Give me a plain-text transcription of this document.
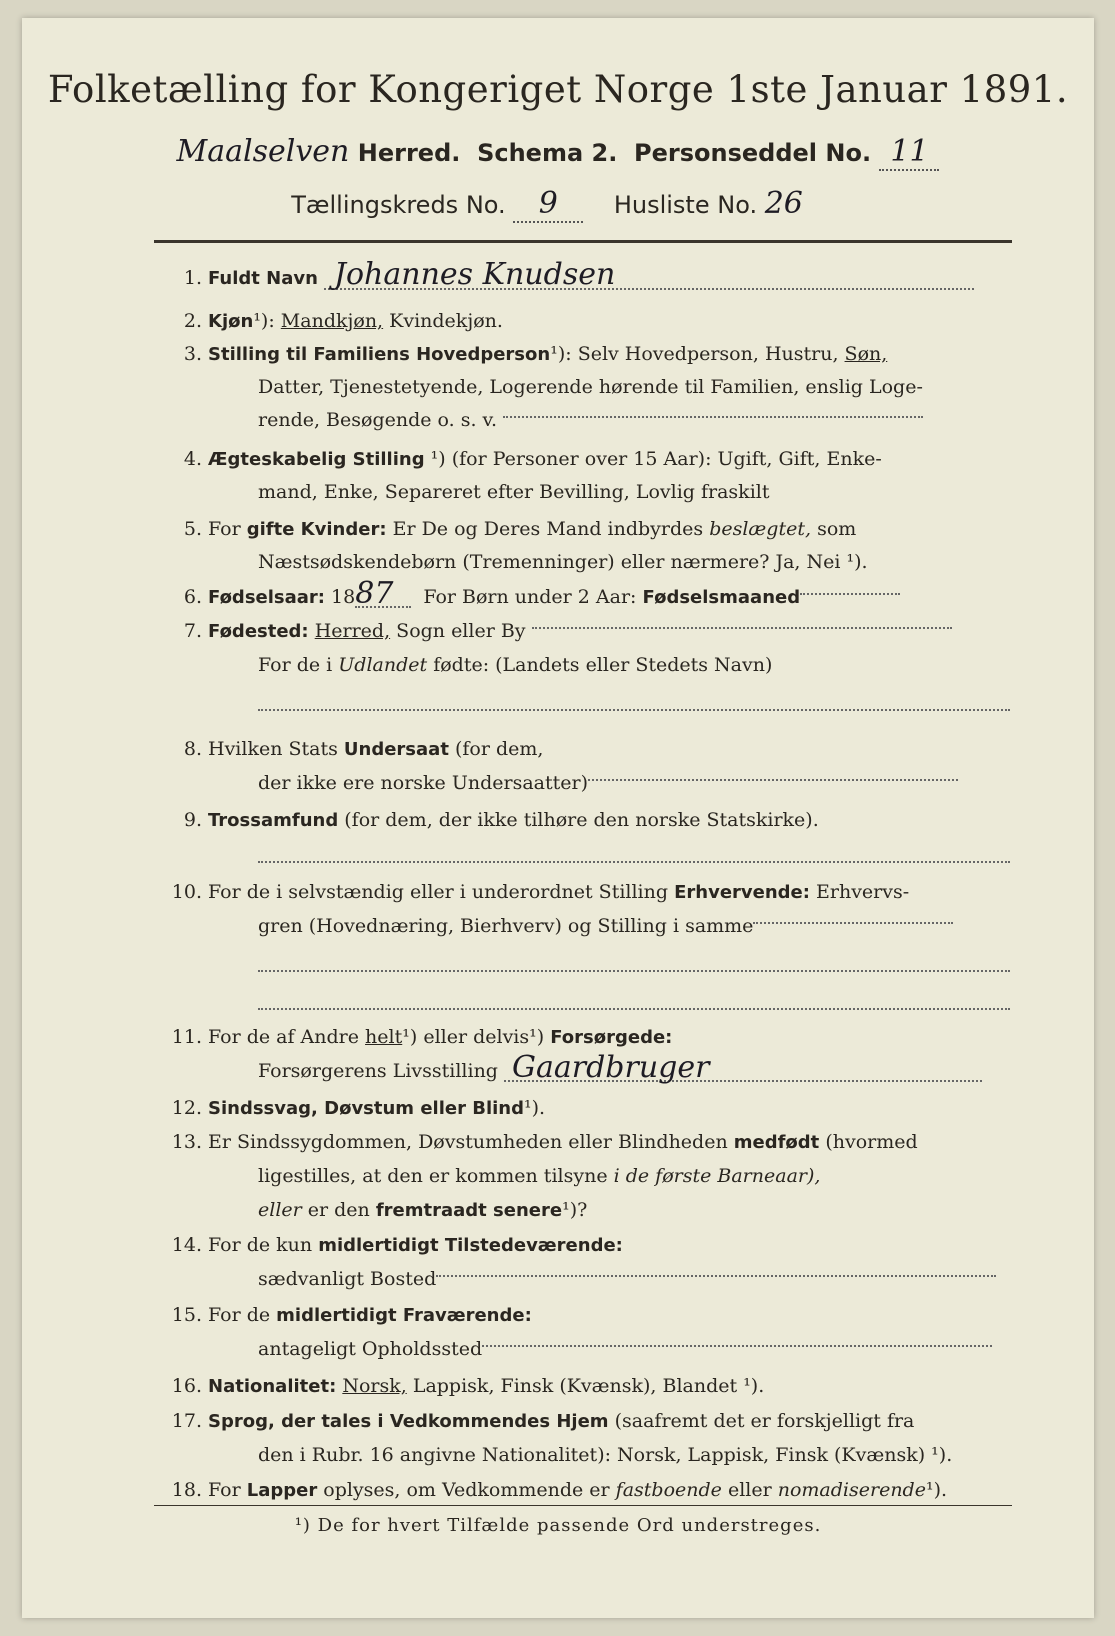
Folketælling for Kongeriget Norge 1ste Januar 1891.
Maalselven Herred. Schema 2. Personseddel No. 11
Tællingskreds No. 9 Husliste No. 26
1. Fuldt Navn Johannes Knudsen
2. Kjøn¹): Mandkjøn, Kvindekjøn.
3. Stilling til Familiens Hovedperson¹): Selv Hovedperson, Hustru, Søn,
Datter, Tjenestetyende, Logerende hørende til Familien, enslig Loge-
rende, Besøgende o. s. v.
4. Ægteskabelig Stilling ¹) (for Personer over 15 Aar): Ugift, Gift, Enke-
mand, Enke, Separeret efter Bevilling, Lovlig fraskilt
5. For gifte Kvinder: Er De og Deres Mand indbyrdes beslægtet, som
Næstsødskendebørn (Tremenninger) eller nærmere? Ja, Nei ¹).
6. Fødselsaar: 1887 For Børn under 2 Aar: Fødselsmaaned
7. Fødested: Herred, Sogn eller By
For de i Udlandet fødte: (Landets eller Stedets Navn)
8. Hvilken Stats Undersaat (for dem,
der ikke ere norske Undersaatter)
9. Trossamfund (for dem, der ikke tilhøre den norske Statskirke).
10. For de i selvstændig eller i underordnet Stilling Erhvervende: Erhvervs-
gren (Hovednæring, Bierhverv) og Stilling i samme
11. For de af Andre helt¹) eller delvis¹) Forsørgede:
Forsørgerens Livsstilling Gaardbruger
12. Sindssvag, Døvstum eller Blind¹).
13. Er Sindssygdommen, Døvstumheden eller Blindheden medfødt (hvormed
ligestilles, at den er kommen tilsyne i de første Barneaar),
eller er den fremtraadt senere¹)?
14. For de kun midlertidigt Tilstedeværende:
sædvanligt Bosted
15. For de midlertidigt Fraværende:
antageligt Opholdssted
16. Nationalitet: Norsk, Lappisk, Finsk (Kvænsk), Blandet ¹).
17. Sprog, der tales i Vedkommendes Hjem (saafremt det er forskjelligt fra
den i Rubr. 16 angivne Nationalitet): Norsk, Lappisk, Finsk (Kvænsk) ¹).
18. For Lapper oplyses, om Vedkommende er fastboende eller nomadiserende¹).
¹) De for hvert Tilfælde passende Ord understreges.
